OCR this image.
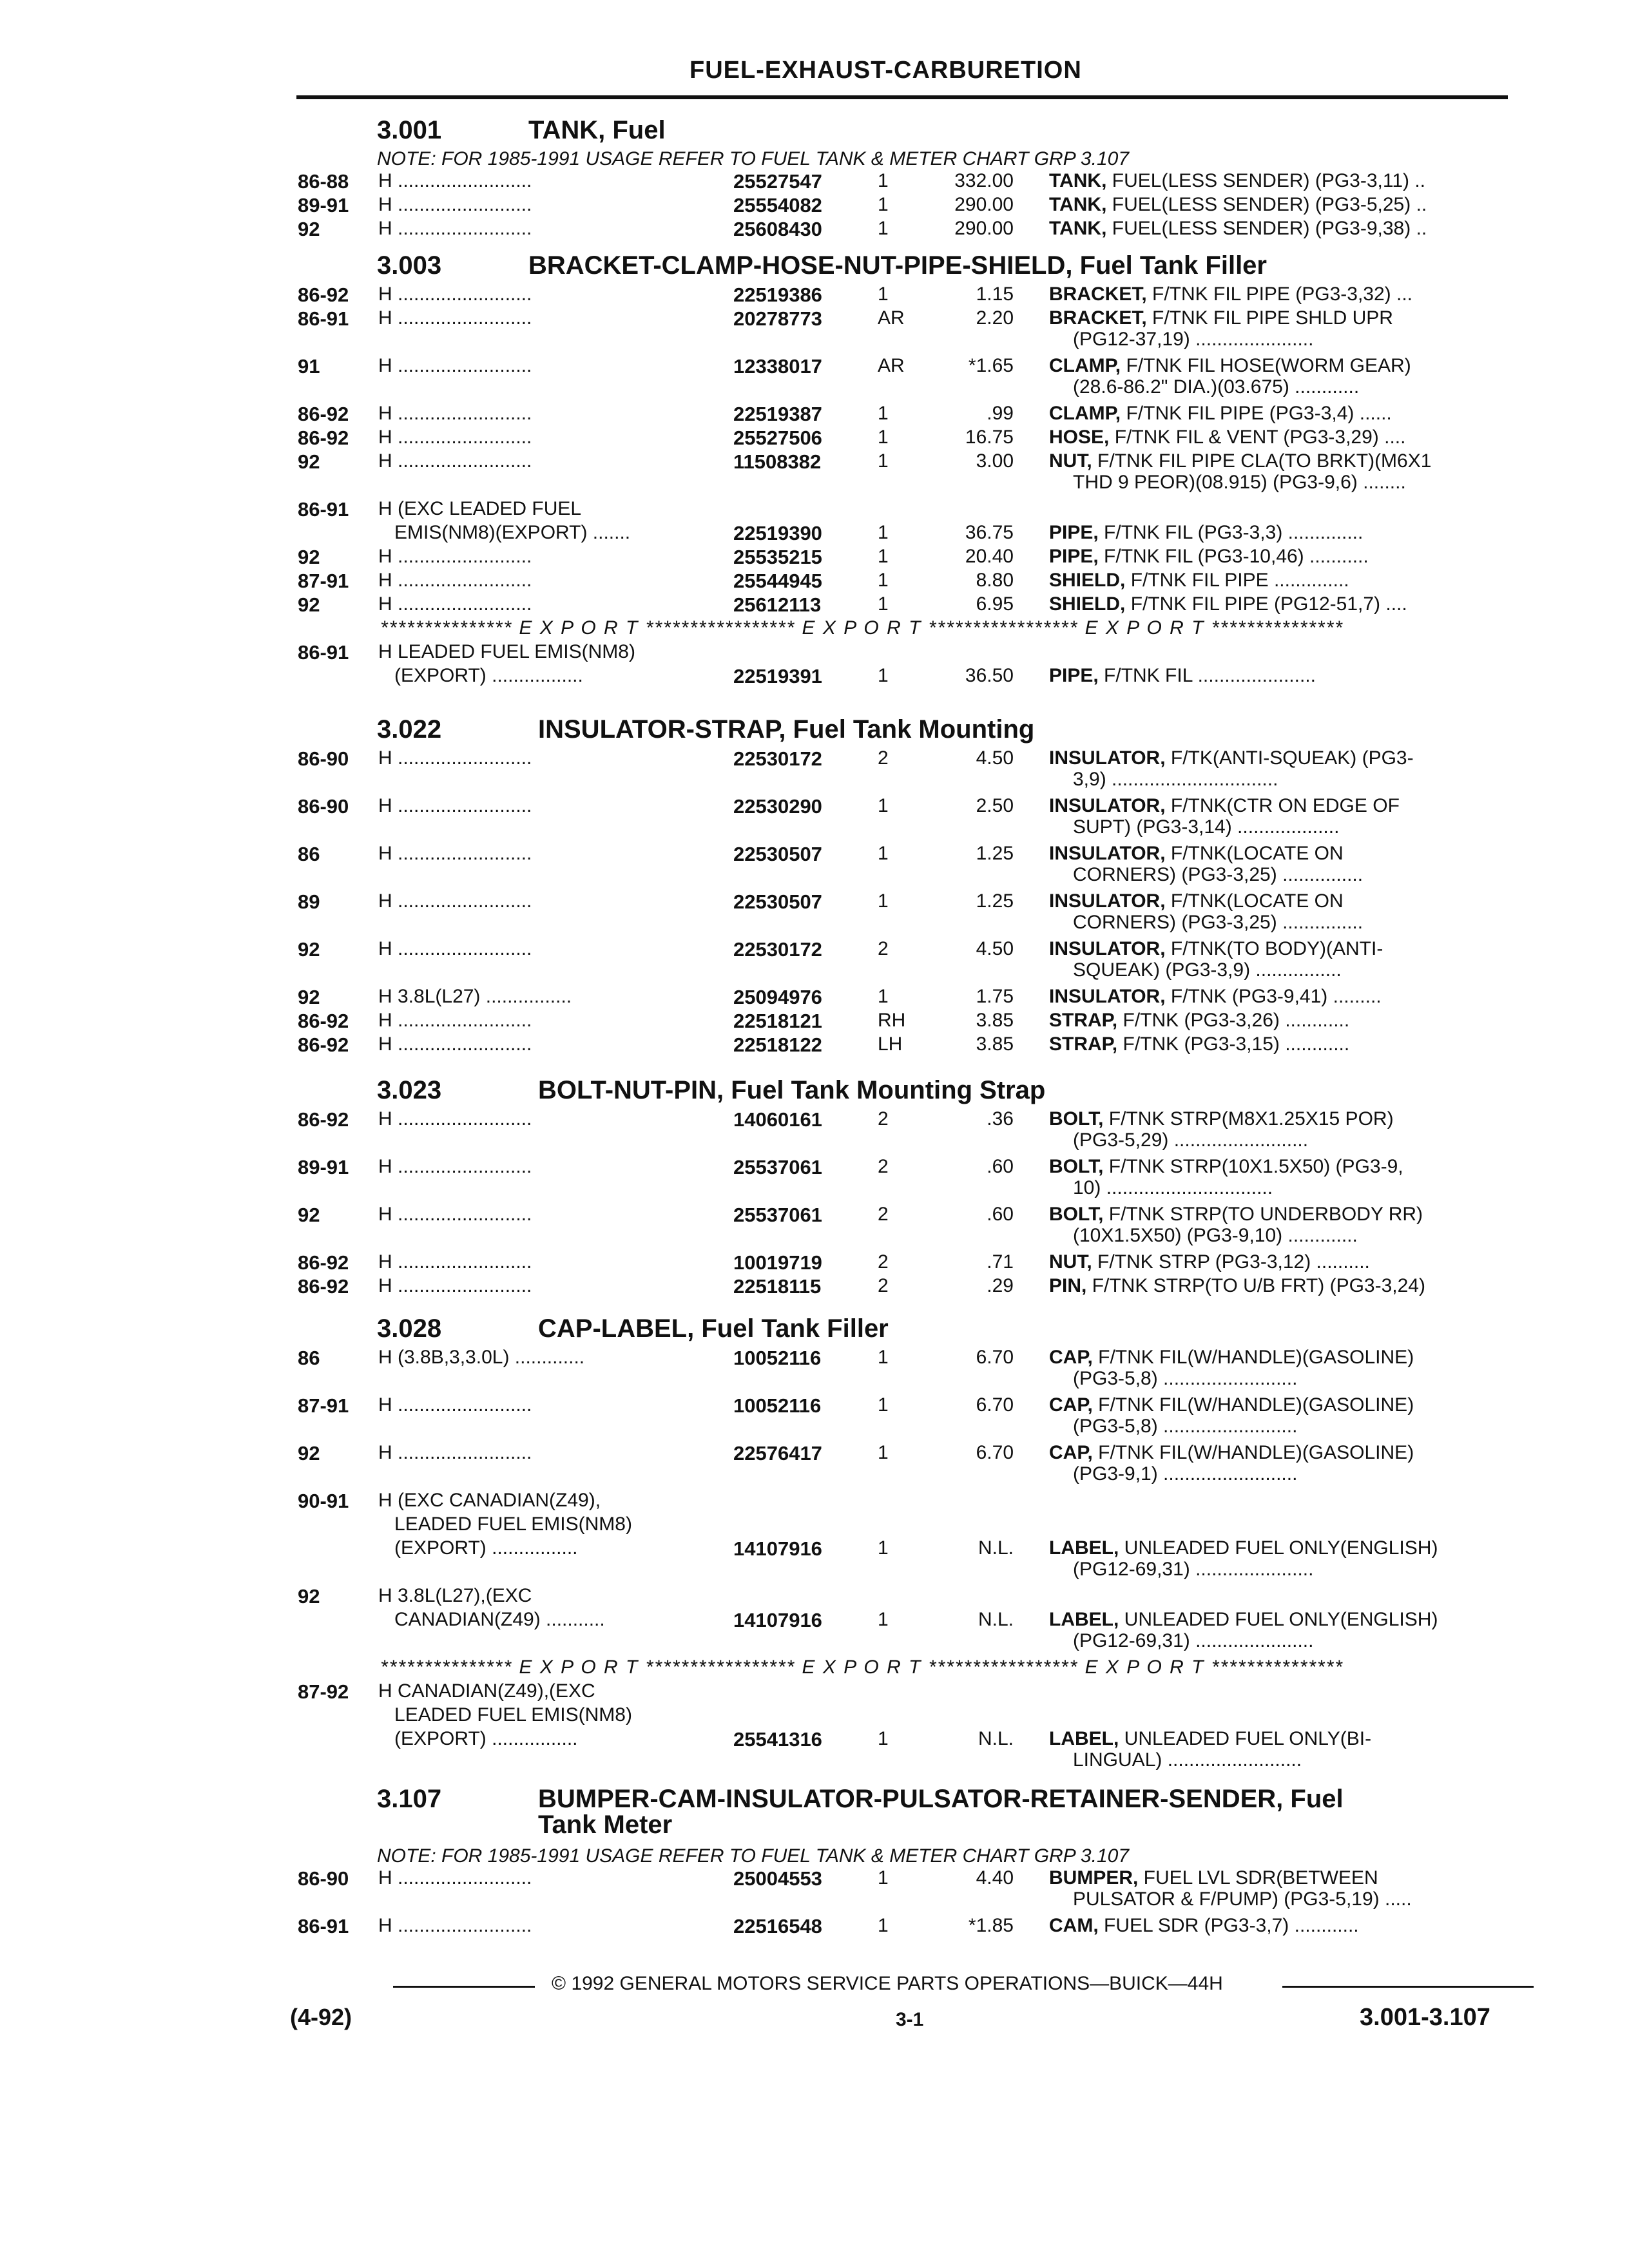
FUEL-EXHAUST-CARBURETION
3.001	TANK, Fuel
NOTE: FOR 1985-1991 USAGE REFER TO FUEL TANK & METER CHART GRP 3.107
86-88 H .........................	25527547	1	332.00 TANK, FUEL(LESS SENDER) (PG3-3,11) ..
89-91 H .........................	25554082	1	290.00 TANK, FUEL(LESS SENDER) (PG3-5,25) ..
92	H .........................	25608430	1	290.00 TANK, FUEL(LESS SENDER) (PG3-9,38) ..
3.003	BRACKET-CLAMP-HOSE-NUT-PIPE-SHIELD, Fuel Tank Filler
86-92 H .........................	22519386	1	1.15 BRACKET, F/TNK FIL PIPE (PG3-3,32) ...
86-91 H .........................	20278773	AR	2.20 BRACKET, F/TNK FIL PIPE SHLD UPR
(PG12-37,19) ......................
91	H .........................	12338017	AR	*1.65 CLAMP, F/TNK FIL HOSE(WORM GEAR)
(28.6-86.2" DIA.)(03.675) ............
86-92 H .........................	22519387	1	.99 CLAMP, F/TNK FIL PIPE (PG3-3,4) ......
86-92 H .........................	25527506	1	16.75 HOSE, F/TNK FIL & VENT (PG3-3,29) ....
92	H .........................	11508382	1	3.00 NUT, F/TNK FIL PIPE CLA(TO BRKT)(M6X1
THD 9 PEOR)(08.915) (PG3-9,6) ........
86-91 H (EXC LEADED FUEL
EMIS(NM8)(EXPORT) .......	22519390	1	36.75 PIPE, F/TNK FIL (PG3-3,3) ..............
92	H .........................	25535215	1	20.40 PIPE, F/TNK FIL (PG3-10,46) ...........
87-91 H .........................	25544945	1	8.80 SHIELD, F/TNK FIL PIPE ..............
92	H .........................	25612113	1	6.95 SHIELD, F/TNK FIL PIPE (PG12-51,7) ....
*************** E X P O R T ***************** E X P O R T ***************** E X P O R T ***************
86-91 H LEADED FUEL EMIS(NM8)
(EXPORT) .................	22519391	1	36.50 PIPE, F/TNK FIL ......................
3.022	INSULATOR-STRAP, Fuel Tank Mounting
86-90 H .........................	22530172	2	4.50 INSULATOR, F/TK(ANTI-SQUEAK) (PG3-
3,9) ...............................
86-90 H .........................	22530290	1	2.50 INSULATOR, F/TNK(CTR ON EDGE OF
SUPT) (PG3-3,14) ...................
86	H .........................	22530507	1	1.25 INSULATOR, F/TNK(LOCATE ON
CORNERS) (PG3-3,25) ...............
89	H .........................	22530507	1	1.25 INSULATOR, F/TNK(LOCATE ON
CORNERS) (PG3-3,25) ...............
92	H .........................	22530172	2	4.50 INSULATOR, F/TNK(TO BODY)(ANTI-
SQUEAK) (PG3-3,9) ................
92	H 3.8L(L27) ................	25094976	1	1.75 INSULATOR, F/TNK (PG3-9,41) .........
86-92 H .........................	22518121	RH	3.85 STRAP, F/TNK (PG3-3,26) ............
86-92 H .........................	22518122	LH	3.85 STRAP, F/TNK (PG3-3,15) ............
3.023	BOLT-NUT-PIN, Fuel Tank Mounting Strap
86-92 H .........................	14060161	2	.36 BOLT, F/TNK STRP(M8X1.25X15 POR)
(PG3-5,29) .........................
89-91 H .........................	25537061	2	.60 BOLT, F/TNK STRP(10X1.5X50) (PG3-9,
10) ...............................
92	H .........................	25537061	2	.60 BOLT, F/TNK STRP(TO UNDERBODY RR)
(10X1.5X50) (PG3-9,10) .............
86-92 H .........................	10019719	2	.71 NUT, F/TNK STRP (PG3-3,12) ..........
86-92 H .........................	22518115	2	.29 PIN, F/TNK STRP(TO U/B FRT) (PG3-3,24)
3.028	CAP-LABEL, Fuel Tank Filler
86	H (3.8B,3,3.0L) .............	10052116	1	6.70 CAP, F/TNK FIL(W/HANDLE)(GASOLINE)
(PG3-5,8) .........................
87-91 H .........................	10052116	1	6.70 CAP, F/TNK FIL(W/HANDLE)(GASOLINE)
(PG3-5,8) .........................
92	H .........................	22576417	1	6.70 CAP, F/TNK FIL(W/HANDLE)(GASOLINE)
(PG3-9,1) .........................
90-91 H (EXC CANADIAN(Z49),
LEADED FUEL EMIS(NM8)
(EXPORT) ................	14107916	1	N.L. LABEL, UNLEADED FUEL ONLY(ENGLISH)
(PG12-69,31) ......................
92	H 3.8L(L27),(EXC
CANADIAN(Z49) ...........	14107916	1	N.L. LABEL, UNLEADED FUEL ONLY(ENGLISH)
(PG12-69,31) ......................
*************** E X P O R T ***************** E X P O R T ***************** E X P O R T ***************
87-92 H CANADIAN(Z49),(EXC
LEADED FUEL EMIS(NM8)
(EXPORT) ................	25541316	1	N.L. LABEL, UNLEADED FUEL ONLY(BI-
LINGUAL) .........................
3.107	BUMPER-CAM-INSULATOR-PULSATOR-RETAINER-SENDER, Fuel
Tank Meter
NOTE: FOR 1985-1991 USAGE REFER TO FUEL TANK & METER CHART GRP 3.107
86-90 H .........................	25004553	1	4.40 BUMPER, FUEL LVL SDR(BETWEEN
PULSATOR & F/PUMP) (PG3-5,19) .....
86-91 H .........................	22516548	1	*1.85 CAM, FUEL SDR (PG3-3,7) ............
© 1992 GENERAL MOTORS SERVICE PARTS OPERATIONS—BUICK—44H
(4-92)	3-1	3.001-3.107
